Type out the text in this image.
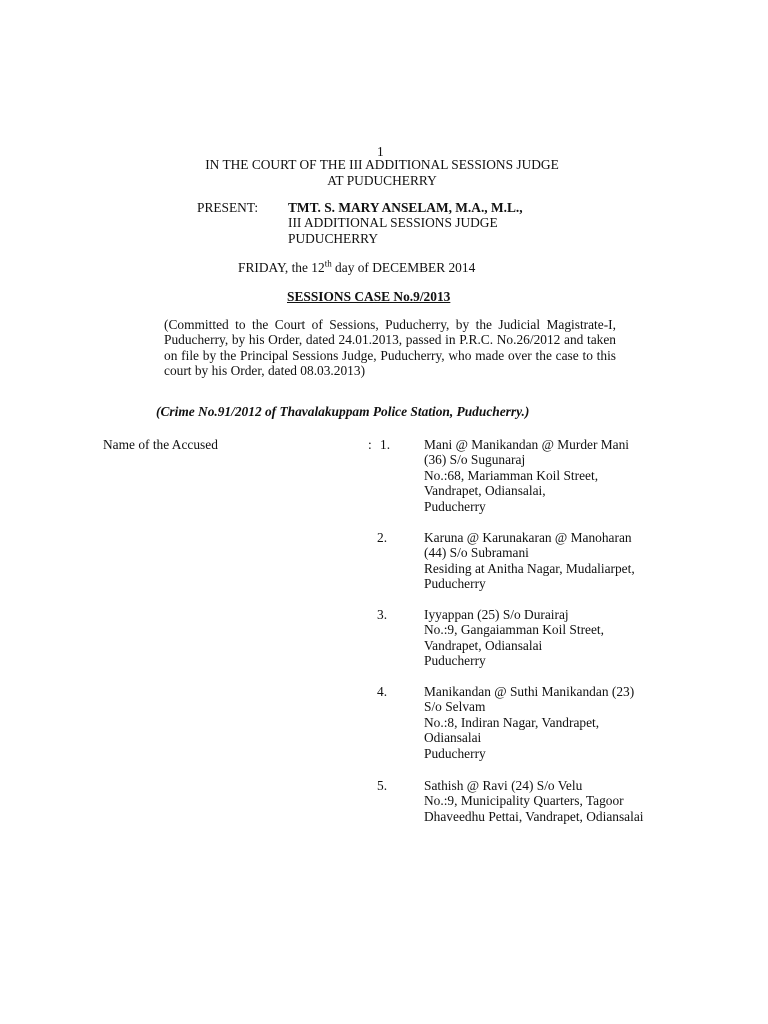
1
IN THE COURT OF THE III ADDITIONAL SESSIONS JUDGE
AT PUDUCHERRY
PRESENT: TMT. S. MARY ANSELAM, M.A., M.L.,
III ADDITIONAL SESSIONS JUDGE
PUDUCHERRY
FRIDAY, the 12th day of DECEMBER 2014
SESSIONS CASE No.9/2013
(Committed to the Court of Sessions, Puducherry, by the Judicial Magistrate-I, Puducherry, by his Order, dated 24.01.2013, passed in P.R.C. No.26/2012 and taken on file by the Principal Sessions Judge, Puducherry, who made over the case to this court by his Order, dated 08.03.2013)
(Crime No.91/2012 of Thavalakuppam Police Station, Puducherry.)
Name of the Accused	: 1.	Mani @ Manikandan @ Murder Mani
(36) S/o Sugunaraj
No.:68, Mariamman Koil Street,
Vandrapet, Odiansalai,
Puducherry
2.	Karuna @ Karunakaran @ Manoharan
(44) S/o Subramani
Residing at Anitha Nagar, Mudaliarpet,
Puducherry
3.	Iyyappan (25) S/o Durairaj
No.:9, Gangaiamman Koil Street,
Vandrapet, Odiansalai
Puducherry
4.	Manikandan @ Suthi Manikandan (23)
S/o Selvam
No.:8, Indiran Nagar, Vandrapet,
Odiansalai
Puducherry
5.	Sathish @ Ravi (24) S/o Velu
No.:9, Municipality Quarters, Tagoor
Dhaveedhu Pettai, Vandrapet, Odiansalai
